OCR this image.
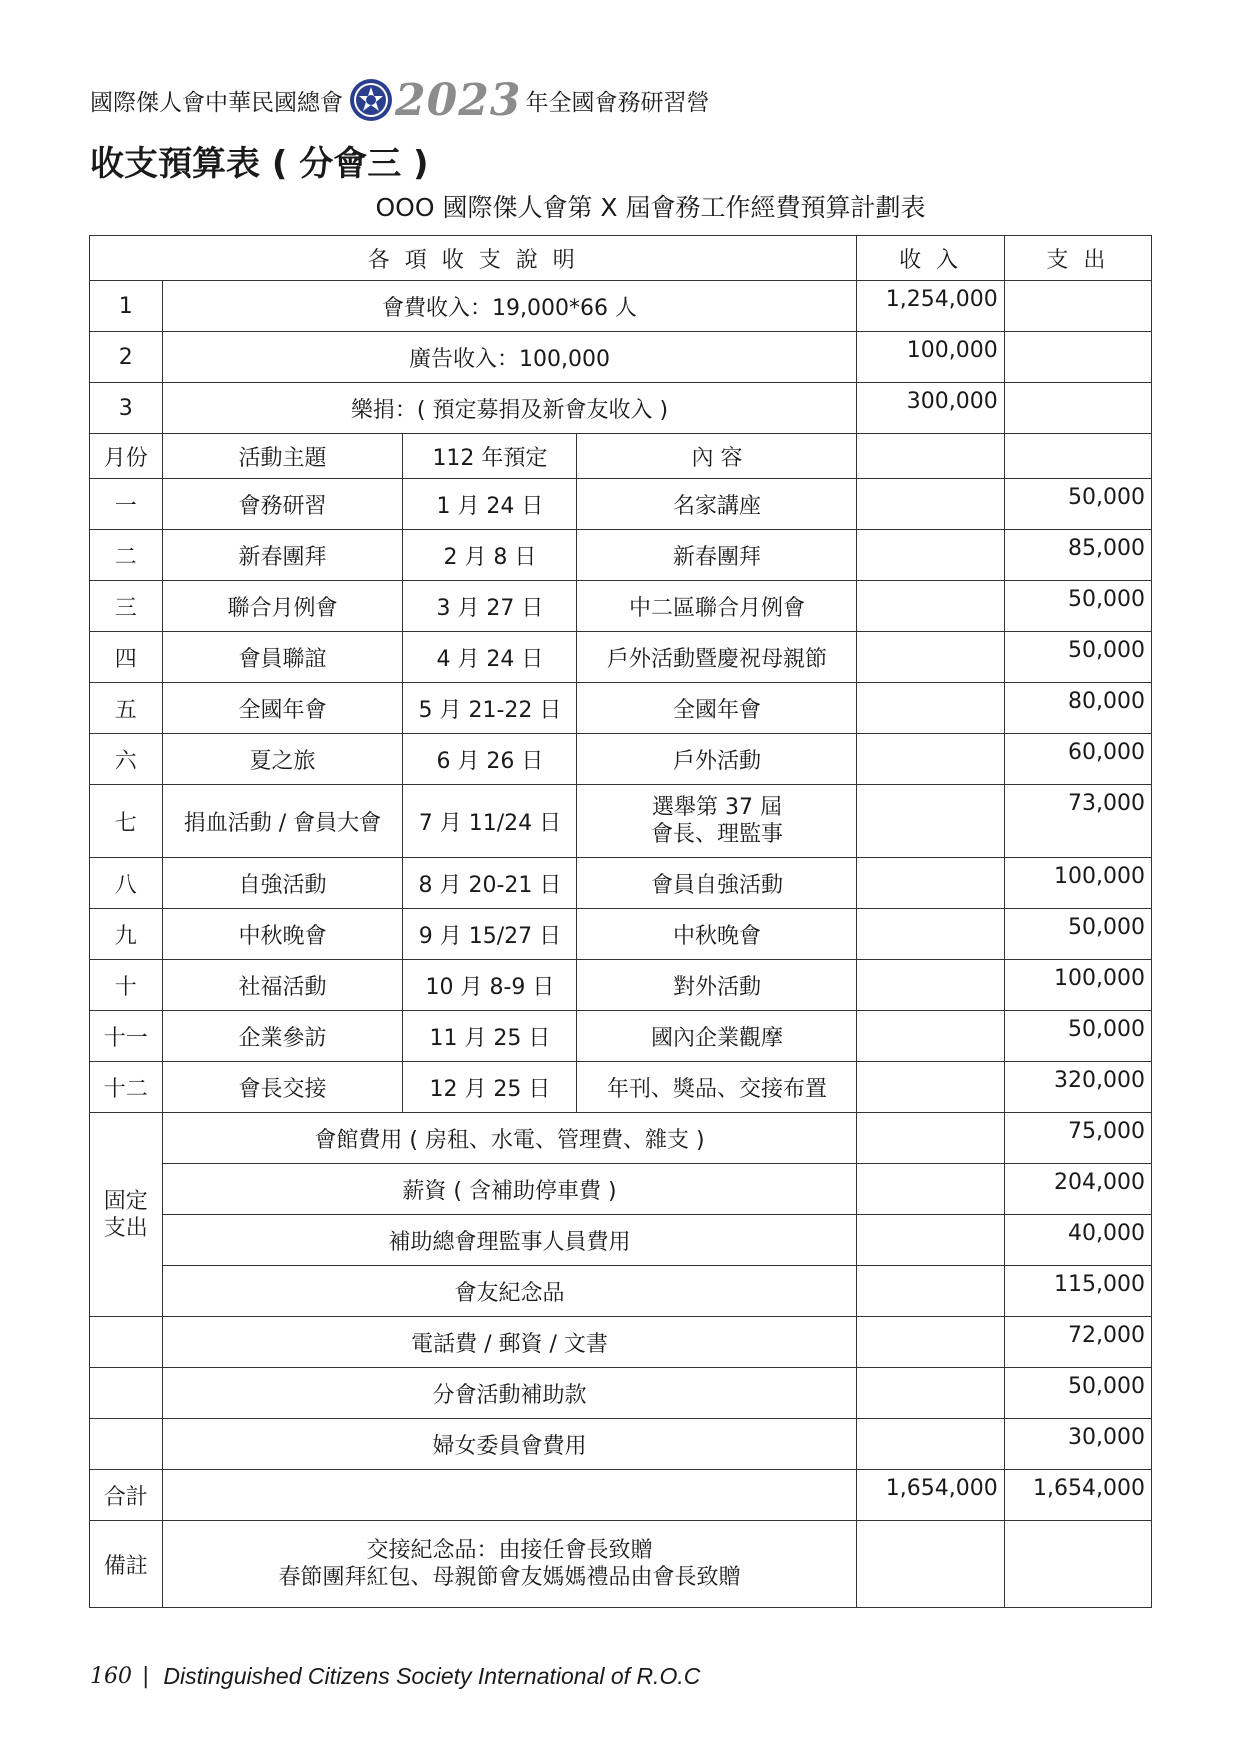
國際傑人會中華民國總會 2023 年全國會務研習營
收支預算表 ( 分會三 )
OOO 國際傑人會第 X 屆會務工作經費預算計劃表
各 項 收 支 說 明				收 入	支 出
1	會費收入：19,000*66 人			1,254,000	
2	廣告收入：100,000			100,000	
3	樂捐：( 預定募捐及新會友收入 )			300,000	
月份	活動主題	112 年預定	內 容		
一	會務研習	1 月 24 日	名家講座		50,000
二	新春團拜	2 月 8 日	新春團拜		85,000
三	聯合月例會	3 月 27 日	中二區聯合月例會		50,000
四	會員聯誼	4 月 24 日	戶外活動暨慶祝母親節		50,000
五	全國年會	5 月 21-22 日	全國年會		80,000
六	夏之旅	6 月 26 日	戶外活動		60,000
七	捐血活動 / 會員大會	7 月 11/24 日	選舉第 37 屆
會長、理監事		73,000
八	自強活動	8 月 20-21 日	會員自強活動		100,000
九	中秋晚會	9 月 15/27 日	中秋晚會		50,000
十	社福活動	10 月 8-9 日	對外活動		100,000
十一	企業參訪	11 月 25 日	國內企業觀摩		50,000
十二	會長交接	12 月 25 日	年刊、獎品、交接布置		320,000

固定
支出	會館費用 ( 房租、水電、管理費、雜支 )				75,000
	薪資 ( 含補助停車費 )				204,000
	補助總會理監事人員費用				40,000
	會友紀念品				115,000
	電話費 / 郵資 / 文書				72,000
	分會活動補助款				50,000
	婦女委員會費用				30,000
合計				1,654,000	1,654,000
備註	交接紀念品：由接任會長致贈
春節團拜紅包、母親節會友媽媽禮品由會長致贈				

160 | Distinguished Citizens Society International of R.O.C
